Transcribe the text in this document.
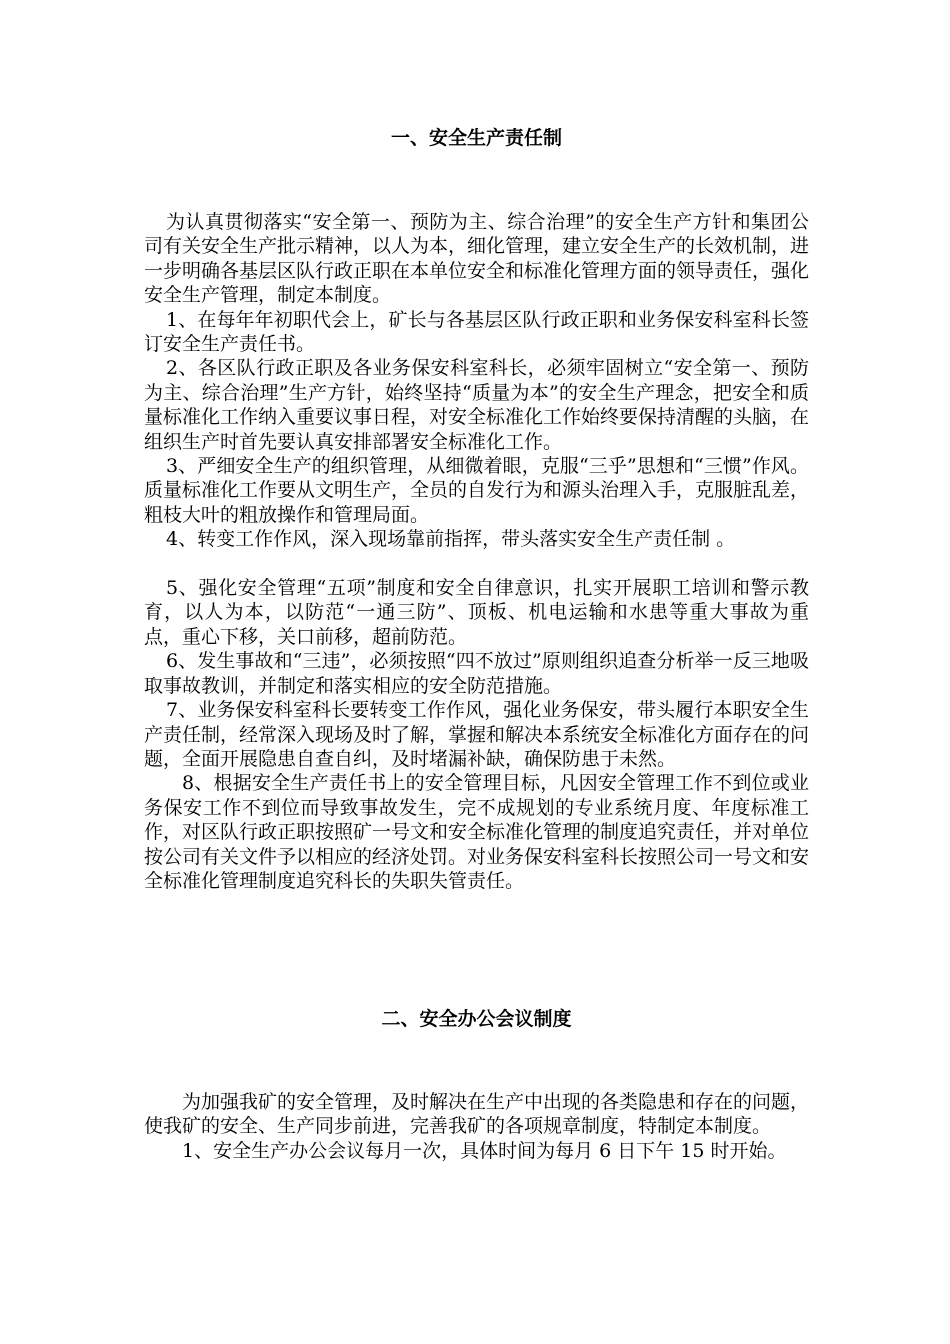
一、安全生产责任制

为认真贯彻落实“安全第一、预防为主、综合治理”的安全生产方针和集团公司有关安全生产批示精神，以人为本，细化管理，建立安全生产的长效机制，进一步明确各基层区队行政正职在本单位安全和标准化管理方面的领导责任，强化安全生产管理，制定本制度。

1、在每年年初职代会上，矿长与各基层区队行政正职和业务保安科室科长签订安全生产责任书。

2、各区队行政正职及各业务保安科室科长，必须牢固树立“安全第一、预防为主、综合治理”生产方针，始终坚持“质量为本”的安全生产理念，把安全和质量标准化工作纳入重要议事日程，对安全标准化工作始终要保持清醒的头脑，在组织生产时首先要认真安排部署安全标准化工作。

3、严细安全生产的组织管理，从细微着眼，克服“三乎”思想和“三惯”作风。质量标准化工作要从文明生产，全员的自发行为和源头治理入手，克服脏乱差，粗枝大叶的粗放操作和管理局面。

4、转变工作作风，深入现场靠前指挥，带头落实安全生产责任制 。

5、强化安全管理“五项”制度和安全自律意识，扎实开展职工培训和警示教育，以人为本，以防范“一通三防”、顶板、机电运输和水患等重大事故为重点，重心下移，关口前移，超前防范。

6、发生事故和“三违”，必须按照“四不放过”原则组织追查分析举一反三地吸取事故教训，并制定和落实相应的安全防范措施。

7、业务保安科室科长要转变工作作风，强化业务保安，带头履行本职安全生产责任制，经常深入现场及时了解，掌握和解决本系统安全标准化方面存在的问题，全面开展隐患自查自纠，及时堵漏补缺，确保防患于未然。

8、根据安全生产责任书上的安全管理目标，凡因安全管理工作不到位或业务保安工作不到位而导致事故发生，完不成规划的专业系统月度、年度标准工作，对区队行政正职按照矿一号文和安全标准化管理的制度追究责任，并对单位按公司有关文件予以相应的经济处罚。对业务保安科室科长按照公司一号文和安全标准化管理制度追究科长的失职失管责任。

二、安全办公会议制度

为加强我矿的安全管理，及时解决在生产中出现的各类隐患和存在的问题，使我矿的安全、生产同步前进，完善我矿的各项规章制度，特制定本制度。

1、安全生产办公会议每月一次，具体时间为每月 6 日下午 15 时开始。
